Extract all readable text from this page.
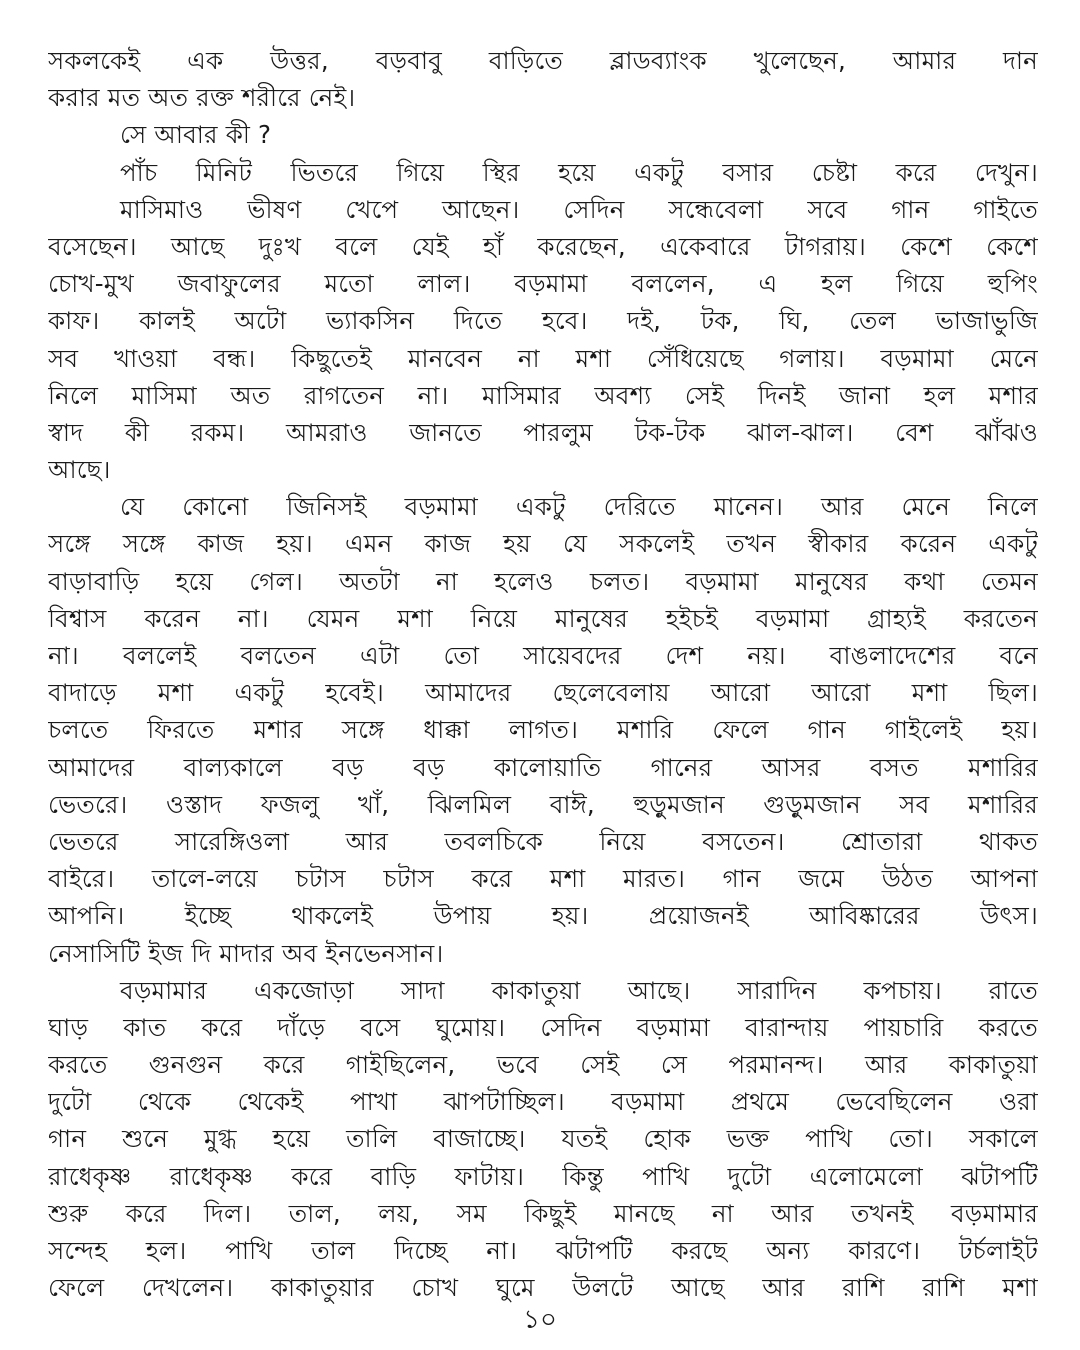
সকলকেই এক উত্তর, বড়বাবু বাড়িতে ব্লাডব্যাংক খুলেছেন, আমার দান
করার মত অত রক্ত শরীরে নেই।
সে আবার কী ?
পাঁচ মিনিট ভিতরে গিয়ে স্থির হয়ে একটু বসার চেষ্টা করে দেখুন।
মাসিমাও ভীষণ খেপে আছেন। সেদিন সন্ধেবেলা সবে গান গাইতে
বসেছেন। আছে দুঃখ বলে যেই হাঁ করেছেন, একেবারে টাগরায়। কেশে কেশে
চোখ-মুখ জবাফুলের মতো লাল। বড়মামা বললেন, এ হল গিয়ে হুপিং
কাফ। কালই অটো ভ্যাকসিন দিতে হবে। দই, টক, ঘি, তেল ভাজাভুজি
সব খাওয়া বন্ধ। কিছুতেই মানবেন না মশা সেঁধিয়েছে গলায়। বড়মামা মেনে
নিলে মাসিমা অত রাগতেন না। মাসিমার অবশ্য সেই দিনই জানা হল মশার
স্বাদ কী রকম। আমরাও জানতে পারলুম টক-টক ঝাল-ঝাল। বেশ ঝাঁঝও
আছে।
যে কোনো জিনিসই বড়মামা একটু দেরিতে মানেন। আর মেনে নিলে
সঙ্গে সঙ্গে কাজ হয়। এমন কাজ হয় যে সকলেই তখন স্বীকার করেন একটু
বাড়াবাড়ি হয়ে গেল। অতটা না হলেও চলত। বড়মামা মানুষের কথা তেমন
বিশ্বাস করেন না। যেমন মশা নিয়ে মানুষের হইচই বড়মামা গ্রাহ্যই করতেন
না। বললেই বলতেন এটা তো সায়েবদের দেশ নয়। বাঙলাদেশের বনে
বাদাড়ে মশা একটু হবেই। আমাদের ছেলেবেলায় আরো আরো মশা ছিল।
চলতে ফিরতে মশার সঙ্গে ধাক্কা লাগত। মশারি ফেলে গান গাইলেই হয়।
আমাদের বাল্যকালে বড় বড় কালোয়াতি গানের আসর বসত মশারির
ভেতরে। ওস্তাদ ফজলু খাঁ, ঝিলমিল বাঈ, হুড়ুমজান গুড়ুমজান সব মশারির
ভেতরে সারেঙ্গিওলা আর তবলচিকে নিয়ে বসতেন। শ্রোতারা থাকত
বাইরে। তালে-লয়ে চটাস চটাস করে মশা মারত। গান জমে উঠত আপনা
আপনি। ইচ্ছে থাকলেই উপায় হয়। প্রয়োজনই আবিষ্কারের উৎস।
নেসাসিটি ইজ দি মাদার অব ইনভেনসান।
বড়মামার একজোড়া সাদা কাকাতুয়া আছে। সারাদিন কপচায়। রাতে
ঘাড় কাত করে দাঁড়ে বসে ঘুমোয়। সেদিন বড়মামা বারান্দায় পায়চারি করতে
করতে গুনগুন করে গাইছিলেন, ভবে সেই সে পরমানন্দ। আর কাকাতুয়া
দুটো থেকে থেকেই পাখা ঝাপটাচ্ছিল। বড়মামা প্রথমে ভেবেছিলেন ওরা
গান শুনে মুগ্ধ হয়ে তালি বাজাচ্ছে। যতই হোক ভক্ত পাখি তো। সকালে
রাধেকৃষ্ণ রাধেকৃষ্ণ করে বাড়ি ফাটায়। কিন্তু পাখি দুটো এলোমেলো ঝটাপটি
শুরু করে দিল। তাল, লয়, সম কিছুই মানছে না আর তখনই বড়মামার
সন্দেহ হল। পাখি তাল দিচ্ছে না। ঝটাপটি করছে অন্য কারণে। টর্চলাইট
ফেলে দেখলেন। কাকাতুয়ার চোখ ঘুমে উলটে আছে আর রাশি রাশি মশা
১০
